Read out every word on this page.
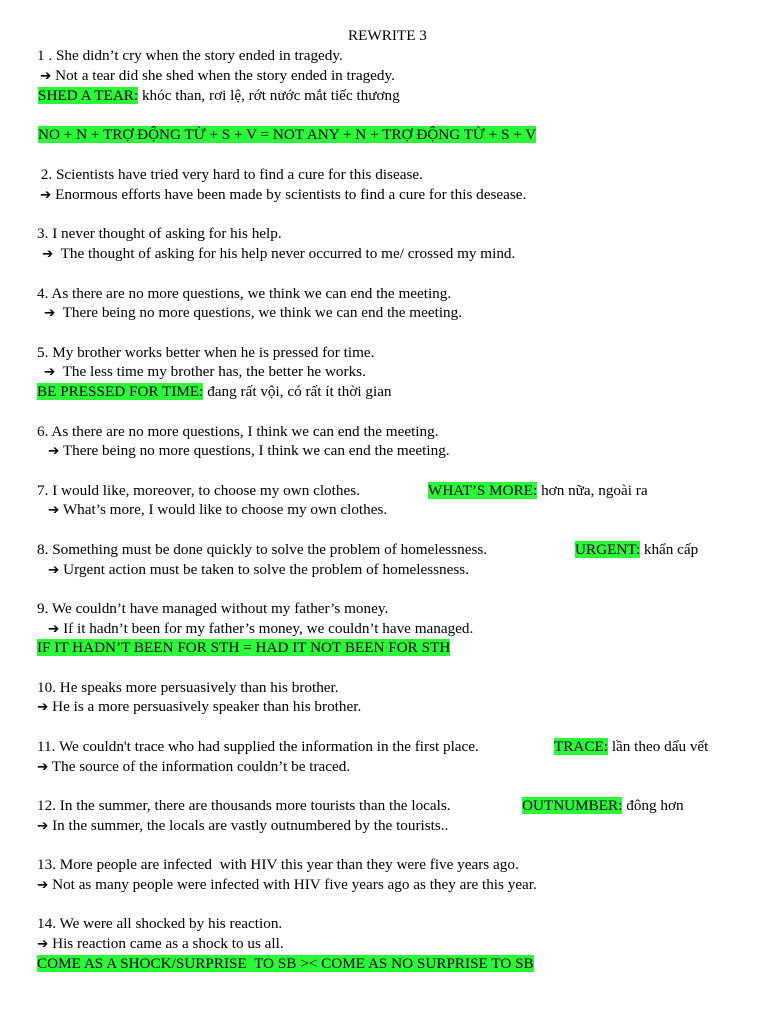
REWRITE 3
1 . She didn’t cry when the story ended in tragedy.
➔ Not a tear did she shed when the story ended in tragedy.
SHED A TEAR: khóc than, rơi lệ, rớt nước mắt tiếc thương
NO + N + TRỢ ĐỘNG TỪ + S + V = NOT ANY + N + TRỢ ĐỘNG TỪ + S + V
2. Scientists have tried very hard to find a cure for this disease.
➔ Enormous efforts have been made by scientists to find a cure for this desease.
3. I never thought of asking for his help.
➔  The thought of asking for his help never occurred to me/ crossed my mind.
4. As there are no more questions, we think we can end the meeting.
➔  There being no more questions, we think we can end the meeting.
5. My brother works better when he is pressed for time.
➔  The less time my brother has, the better he works.
BE PRESSED FOR TIME: đang rất vội, có rất ít thời gian
6. As there are no more questions, I think we can end the meeting.
➔ There being no more questions, I think we can end the meeting.
7. I would like, moreover, to choose my own clothes.	WHAT’S MORE: hơn nữa, ngoài ra
➔ What’s more, I would like to choose my own clothes.
8. Something must be done quickly to solve the problem of homelessness.	URGENT: khẩn cấp
➔ Urgent action must be taken to solve the problem of homelessness.
9. We couldn’t have managed without my father’s money.
➔ If it hadn’t been for my father’s money, we couldn’t have managed.
IF IT HADN’T BEEN FOR STH = HAD IT NOT BEEN FOR STH
10. He speaks more persuasively than his brother.
➔ He is a more persuasively speaker than his brother.
11. We couldn't trace who had supplied the information in the first place.	TRACE: lần theo dấu vết
➔ The source of the information couldn’t be traced.
12. In the summer, there are thousands more tourists than the locals.	OUTNUMBER: đông hơn
➔ In the summer, the locals are vastly outnumbered by the tourists..
13. More people are infected  with HIV this year than they were five years ago.
➔ Not as many people were infected with HIV five years ago as they are this year.
14. We were all shocked by his reaction.
➔ His reaction came as a shock to us all.
COME AS A SHOCK/SURPRISE  TO SB >< COME AS NO SURPRISE TO SB
